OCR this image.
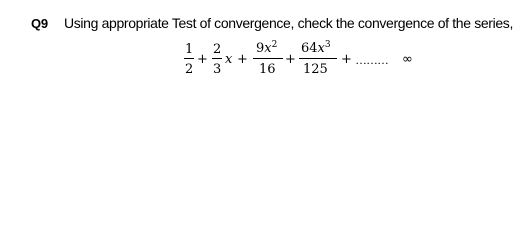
Q9 Using appropriate Test of convergence, check the convergence of the series,
1
2
+
2
3
x +
$9x^2$
16
+
$64x^3$
125
+ ……… ∞
